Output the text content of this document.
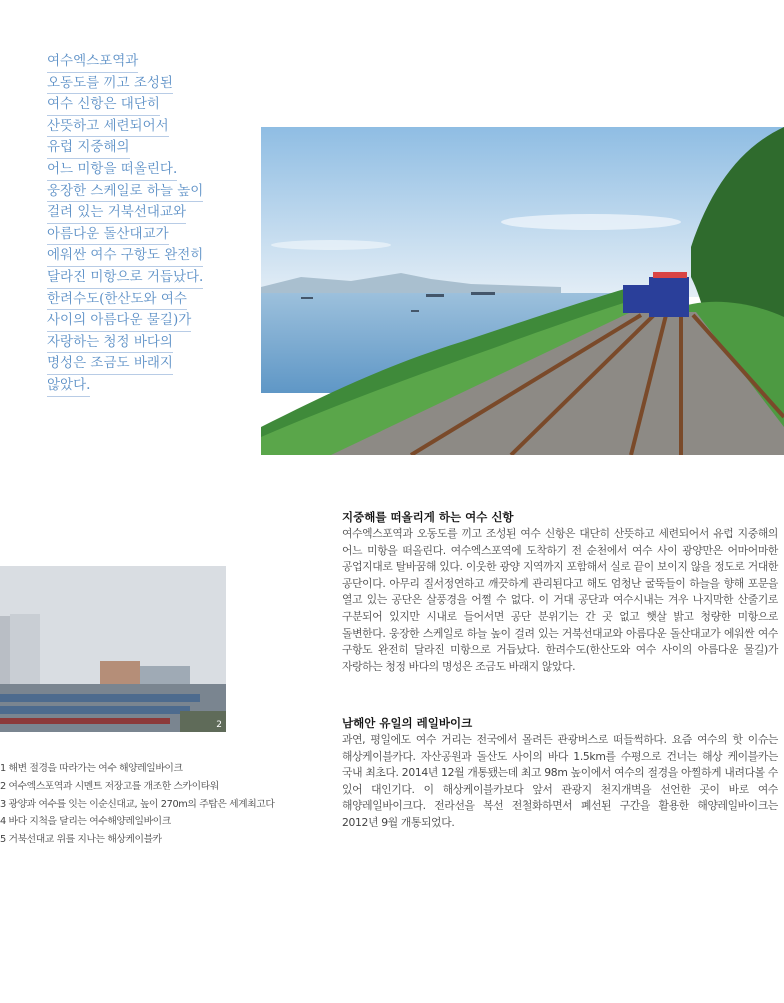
여수엑스포역과
오동도를 끼고 조성된
여수 신항은 대단히
산뜻하고 세련되어서
유럽 지중해의
어느 미항을 떠올린다.
웅장한 스케일로 하늘 높이
걸려 있는 거북선대교와
아름다운 돌산대교가
에워싼 여수 구항도 완전히
달라진 미항으로 거듭났다.
한려수도(한산도와 여수
사이의 아름다운 물길)가
자랑하는 청정 바다의
명성은 조금도 바래지
않았다.
2
지중해를 떠올리게 하는 여수 신항

여수엑스포역과 오동도를 끼고 조성된 여수 신항은 대단히 산뜻하고 세련되어서 유럽 지중해의 어느 미항을 떠올린다. 여수엑스포역에 도착하기 전 순천에서 여수 사이 광양만은 어마어마한 공업지대로 탈바꿈해 있다. 이웃한 광양 지역까지 포함해서 실로 끝이 보이지 않을 정도로 거대한 공단이다. 아무리 질서정연하고 깨끗하게 관리된다고 해도 엄청난 굴뚝들이 하늘을 향해 포문을 열고 있는 공단은 살풍경을 어쩔 수 없다. 이 거대 공단과 여수시내는 겨우 나지막한 산줄기로 구분되어 있지만 시내로 들어서면 공단 분위기는 간 곳 없고 햇살 밝고 청량한 미항으로 돌변한다. 웅장한 스케일로 하늘 높이 걸려 있는 거북선대교와 아름다운 돌산대교가 에워싼 여수 구항도 완전히 달라진 미항으로 거듭났다. 한려수도(한산도와 여수 사이의 아름다운 물길)가 자랑하는 청정 바다의 명성은 조금도 바래지 않았다.

남해안 유일의 레일바이크

과연, 평일에도 여수 거리는 전국에서 몰려든 관광버스로 떠들썩하다. 요즘 여수의 핫 이슈는 해상케이블카다. 자산공원과 돌산도 사이의 바다 1.5km를 수평으로 건너는 해상 케이블카는 국내 최초다. 2014년 12월 개통됐는데 최고 98m 높이에서 여수의 절경을 아찔하게 내려다볼 수 있어 대인기다. 이 해상케이블카보다 앞서 관광지 천지개벽을 선언한 곳이 바로 여수 해양레일바이크다. 전라선을 복선 전철화하면서 폐선된 구간을 활용한 해양레일바이크는 2012년 9월 개통되었다.

1 해변 절경을 따라가는 여수 해양레일바이크
2 여수엑스포역과 시멘트 저장고를 개조한 스카이타워
3 광양과 여수를 잇는 이순신대교, 높이 270m의 주탑은 세계최고다
4 바다 지척을 달리는 여수해양레일바이크
5 거북선대교 위를 지나는 해상케이블카
